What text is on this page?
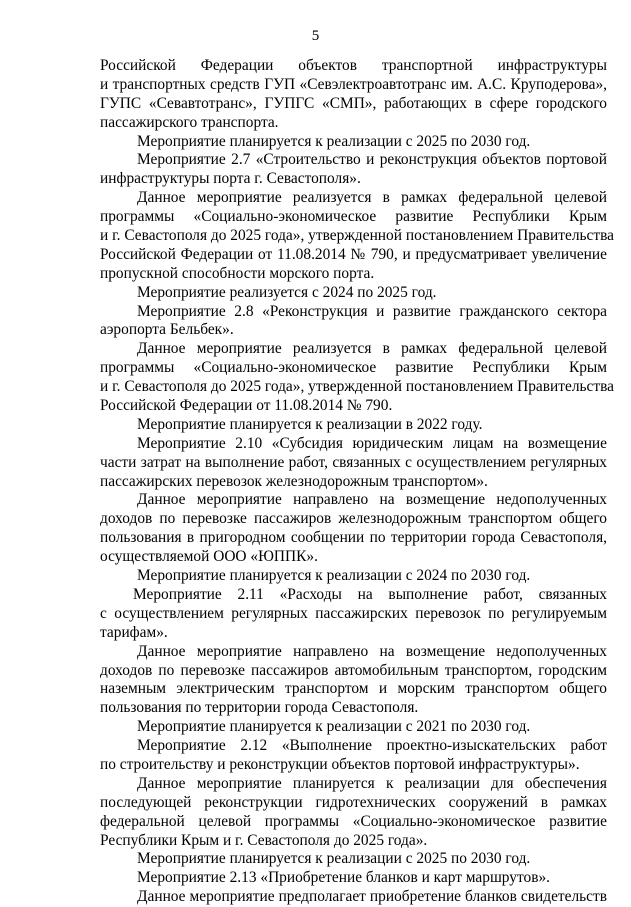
5
Российской Федерации объектов транспортной инфраструктуры
и транспортных средств ГУП «Севэлектроавтотранс им. А.С. Круподерова»,
ГУПС «Севавтотранс», ГУПГС «СМП», работающих в сфере городского
пассажирского транспорта.
Мероприятие планируется к реализации с 2025 по 2030 год.
Мероприятие 2.7 «Строительство и реконструкция объектов портовой
инфраструктуры порта г. Севастополя».
Данное мероприятие реализуется в рамках федеральной целевой
программы «Социально-экономическое развитие Республики Крым
и г. Севастополя до 2025 года», утвержденной постановлением Правительства
Российской Федерации от 11.08.2014 № 790, и предусматривает увеличение
пропускной способности морского порта.
Мероприятие реализуется с 2024 по 2025 год.
Мероприятие 2.8 «Реконструкция и развитие гражданского сектора
аэропорта Бельбек».
Данное мероприятие реализуется в рамках федеральной целевой
программы «Социально-экономическое развитие Республики Крым
и г. Севастополя до 2025 года», утвержденной постановлением Правительства
Российской Федерации от 11.08.2014 № 790.
Мероприятие планируется к реализации в 2022 году.
Мероприятие 2.10 «Субсидия юридическим лицам на возмещение
части затрат на выполнение работ, связанных с осуществлением регулярных
пассажирских перевозок железнодорожным транспортом».
Данное мероприятие направлено на возмещение недополученных
доходов по перевозке пассажиров железнодорожным транспортом общего
пользования в пригородном сообщении по территории города Севастополя,
осуществляемой ООО «ЮППК».
Мероприятие планируется к реализации с 2024 по 2030 год.
Мероприятие 2.11 «Расходы на выполнение работ, связанных
с осуществлением регулярных пассажирских перевозок по регулируемым
тарифам».
Данное мероприятие направлено на возмещение недополученных
доходов по перевозке пассажиров автомобильным транспортом, городским
наземным электрическим транспортом и морским транспортом общего
пользования по территории города Севастополя.
Мероприятие планируется к реализации с 2021 по 2030 год.
Мероприятие 2.12 «Выполнение проектно-изыскательских работ
по строительству и реконструкции объектов портовой инфраструктуры».
Данное мероприятие планируется к реализации для обеспечения
последующей реконструкции гидротехнических сооружений в рамках
федеральной целевой программы «Социально-экономическое развитие
Республики Крым и г. Севастополя до 2025 года».
Мероприятие планируется к реализации с 2025 по 2030 год.
Мероприятие 2.13 «Приобретение бланков и карт маршрутов».
Данное мероприятие предполагает приобретение бланков свидетельств
